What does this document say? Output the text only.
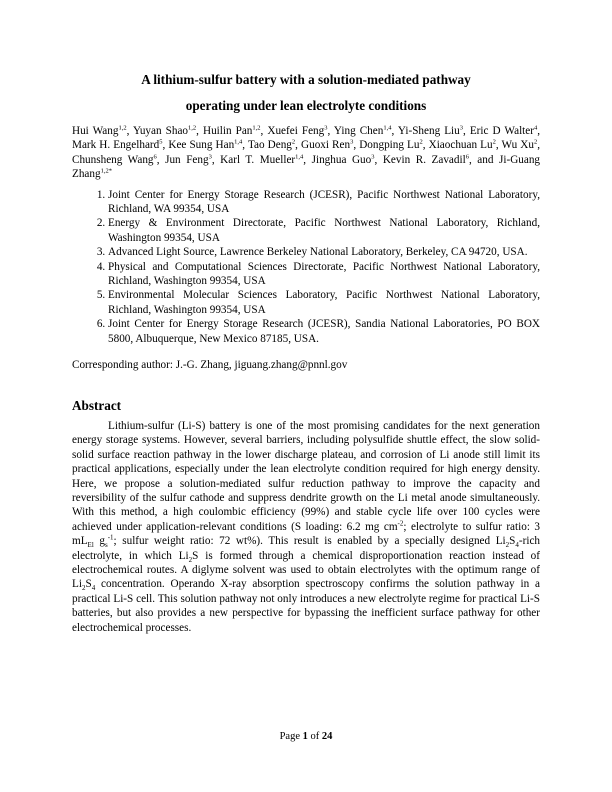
A lithium-sulfur battery with a solution-mediated pathway

operating under lean electrolyte conditions

Hui Wang$^{1,2}$, Yuyan Shao$^{1,2}$, Huilin Pan$^{1,2}$, Xuefei Feng$^3$, Ying Chen$^{1,4}$, Yi-Sheng Liu$^3$, Eric D Walter$^4$, Mark H. Engelhard$^5$, Kee Sung Han$^{1,4}$, Tao Deng$^2$, Guoxi Ren$^3$, Dongping Lu$^2$, Xiaochuan Lu$^2$, Wu Xu$^2$, Chunsheng Wang$^6$, Jun Feng$^3$, Karl T. Mueller$^{1,4}$, Jinghua Guo$^3$, Kevin R. Zavadil$^6$, and Ji-Guang Zhang$^{1,2*}$
1. Joint Center for Energy Storage Research (JCESR), Pacific Northwest National Laboratory, Richland, WA 99354, USA
2. Energy & Environment Directorate, Pacific Northwest National Laboratory, Richland, Washington 99354, USA
3. Advanced Light Source, Lawrence Berkeley National Laboratory, Berkeley, CA 94720, USA.
4. Physical and Computational Sciences Directorate, Pacific Northwest National Laboratory, Richland, Washington 99354, USA
5. Environmental Molecular Sciences Laboratory, Pacific Northwest National Laboratory, Richland, Washington 99354, USA
6. Joint Center for Energy Storage Research (JCESR), Sandia National Laboratories, PO BOX 5800, Albuquerque, New Mexico 87185, USA.
Corresponding author: J.-G. Zhang, jiguang.zhang@pnnl.gov
Abstract
Lithium-sulfur (Li-S) battery is one of the most promising candidates for the next generation energy storage systems. However, several barriers, including polysulfide shuttle effect, the slow solid-solid surface reaction pathway in the lower discharge plateau, and corrosion of Li anode still limit its practical applications, especially under the lean electrolyte condition required for high energy density. Here, we propose a solution-mediated sulfur reduction pathway to improve the capacity and reversibility of the sulfur cathode and suppress dendrite growth on the Li metal anode simultaneously. With this method, a high coulombic efficiency (99%) and stable cycle life over 100 cycles were achieved under application-relevant conditions (S loading: 6.2 mg $cm^{-2}$; electrolyte to sulfur ratio: 3 $mL_{El}$ $g_s^{-1}$; sulfur weight ratio: 72 wt%). This result is enabled by a specially designed $Li_2S_4$-rich electrolyte, in which $Li_2S$ is formed through a chemical disproportionation reaction instead of electrochemical routes. A diglyme solvent was used to obtain electrolytes with the optimum range of $Li_2S_4$ concentration. Operando X-ray absorption spectroscopy confirms the solution pathway in a practical Li-S cell. This solution pathway not only introduces a new electrolyte regime for practical Li-S batteries, but also provides a new perspective for bypassing the inefficient surface pathway for other electrochemical processes.
Page 1 of 24
